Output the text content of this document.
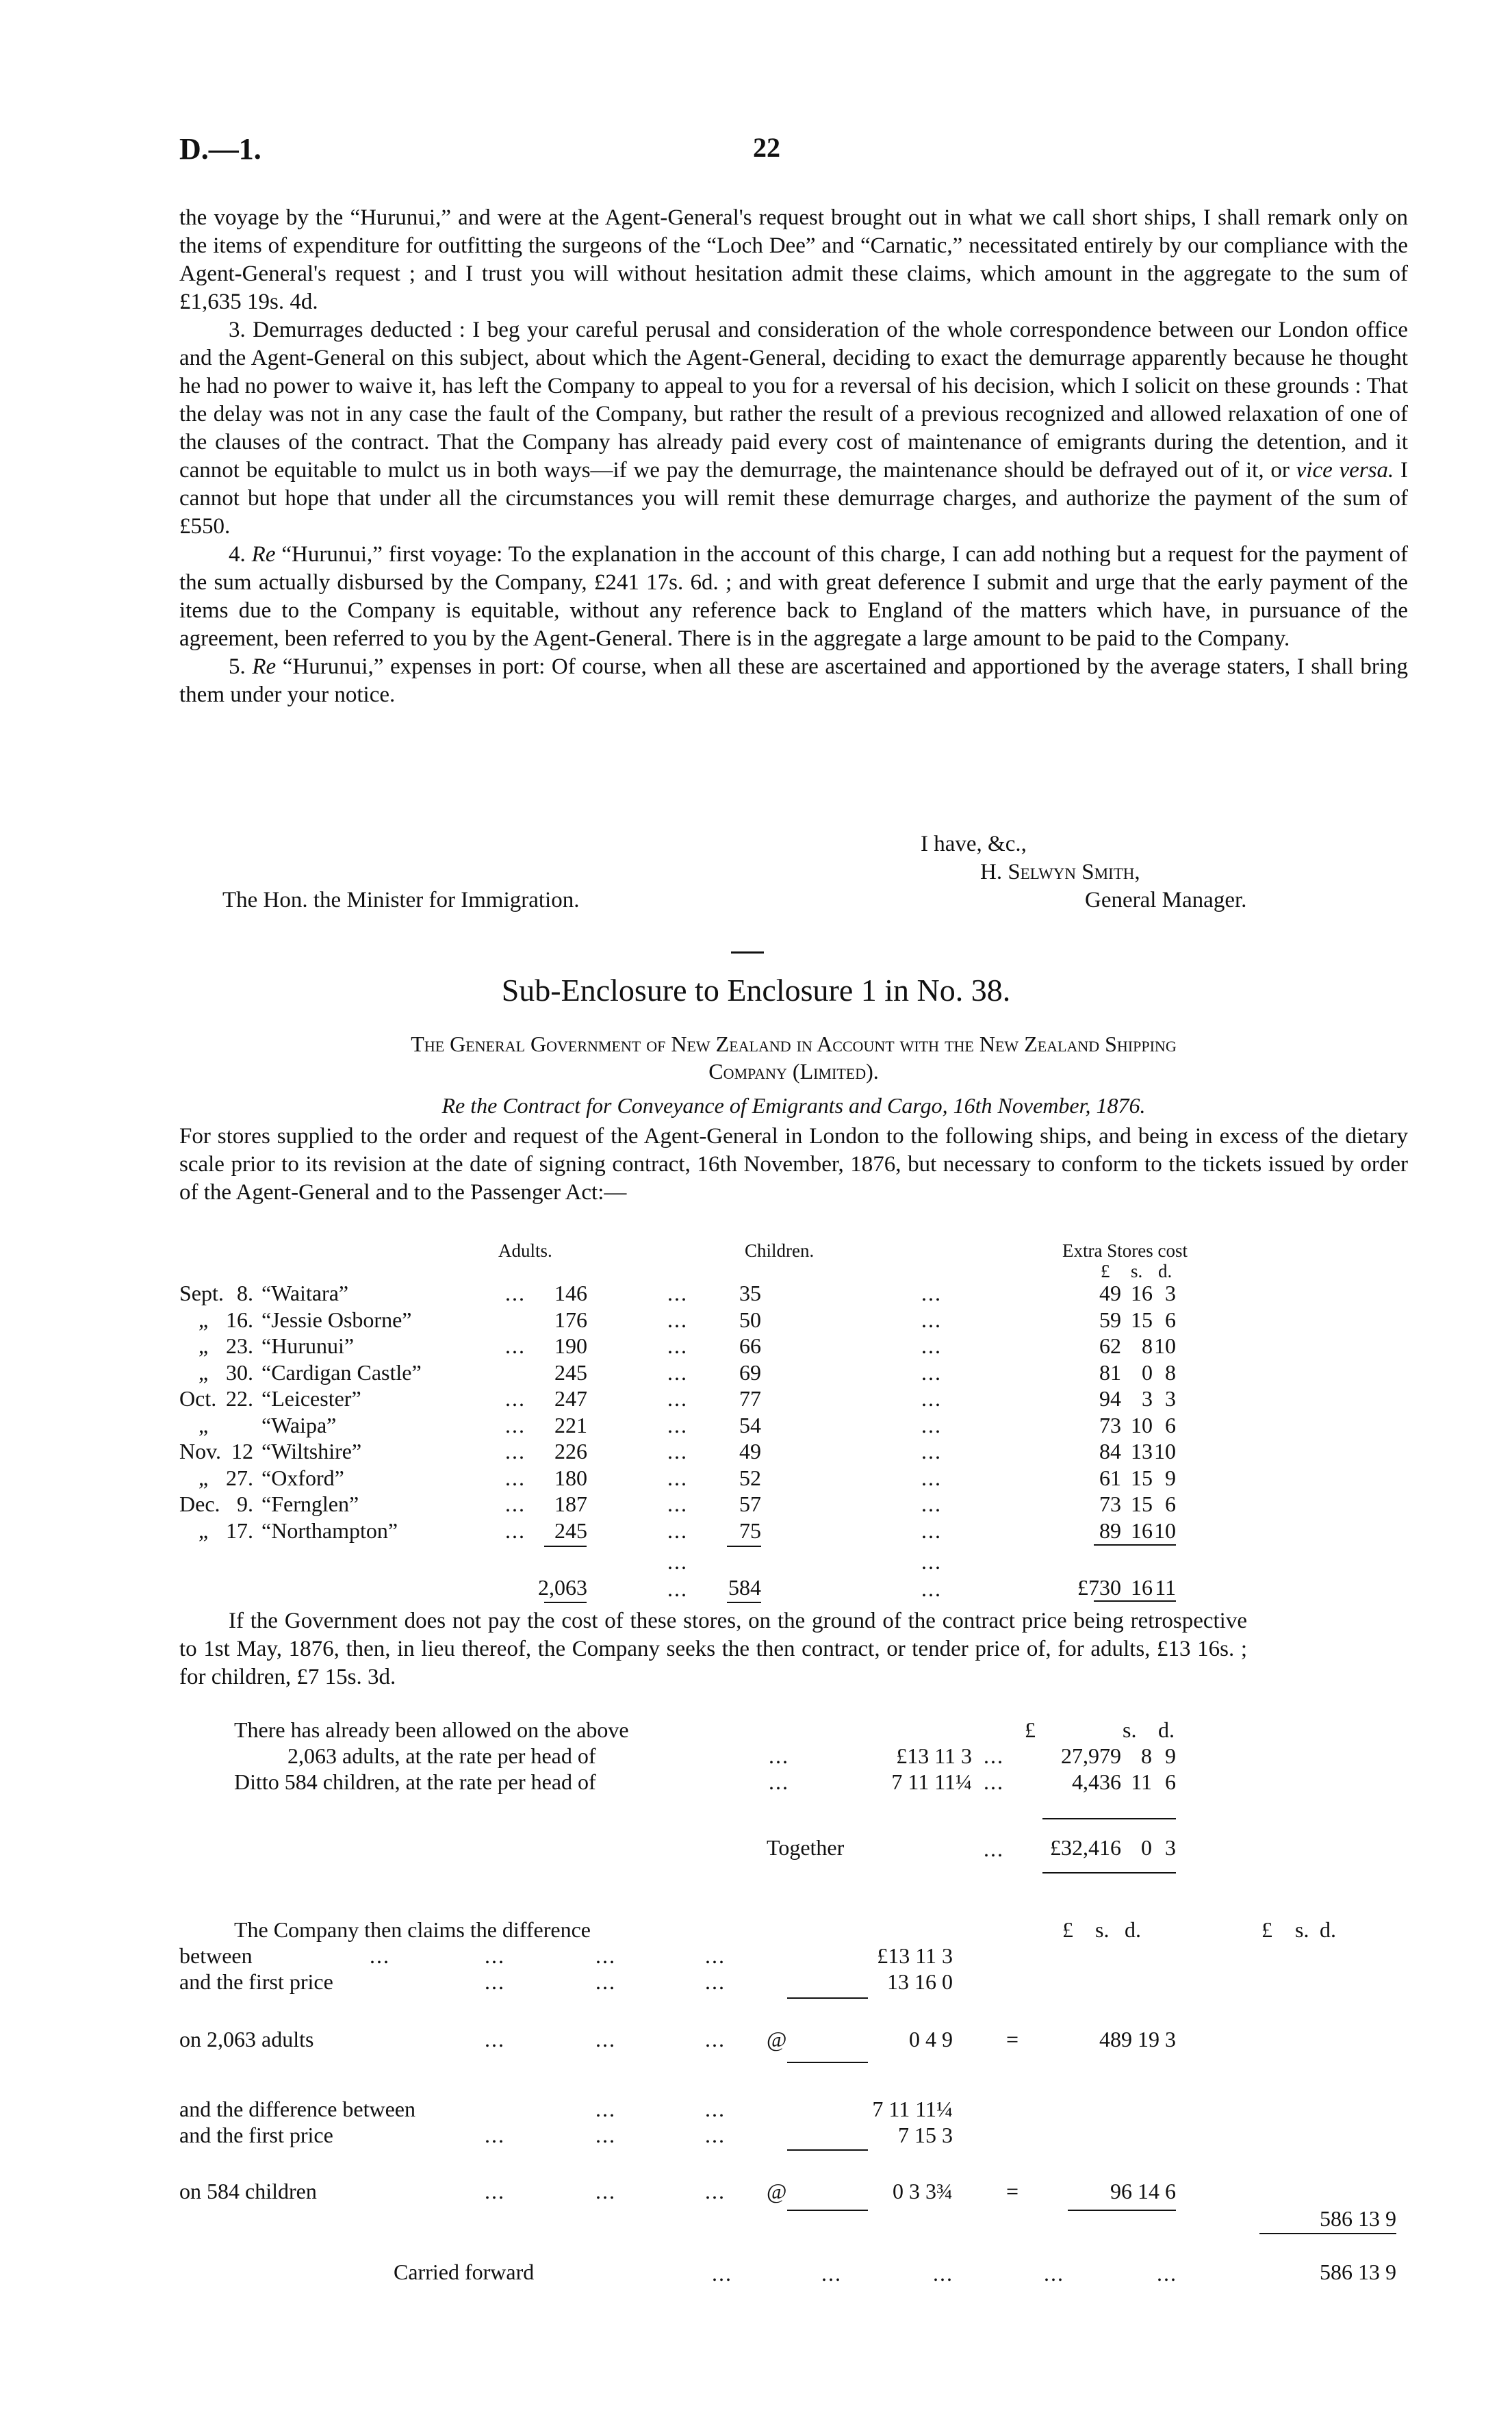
D.—1.	22

the voyage by the “Hurunui,” and were at the Agent-General's request brought out in what we call short ships, I shall remark only on the items of expenditure for outfitting the surgeons of the “Loch Dee” and “Carnatic,” necessitated entirely by our compliance with the Agent-General's request ; and I trust you will without hesitation admit these claims, which amount in the aggregate to the sum of £1,635 19s. 4d.

3. Demurrages deducted : I beg your careful perusal and consideration of the whole correspondence between our London office and the Agent-General on this subject, about which the Agent-General, deciding to exact the demurrage apparently because he thought he had no power to waive it, has left the Company to appeal to you for a reversal of his decision, which I solicit on these grounds : That the delay was not in any case the fault of the Company, but rather the result of a previous recognized and allowed relaxation of one of the clauses of the contract. That the Company has already paid every cost of maintenance of emigrants during the detention, and it cannot be equitable to mulct us in both ways—if we pay the demurrage, the maintenance should be defrayed out of it, or vice versa. I cannot but hope that under all the circumstances you will remit these demurrage charges, and authorize the payment of the sum of £550.

4. Re “Hurunui,” first voyage: To the explanation in the account of this charge, I can add nothing but a request for the payment of the sum actually disbursed by the Company, £241 17s. 6d. ; and with great deference I submit and urge that the early payment of the items due to the Company is equitable, without any reference back to England of the matters which have, in pursuance of the agreement, been referred to you by the Agent-General. There is in the aggregate a large amount to be paid to the Company.

5. Re “Hurunui,” expenses in port: Of course, when all these are ascertained and apportioned by the average staters, I shall bring them under your notice.

I have, &c.,
H. Selwyn Smith,
The Hon. the Minister for Immigration.	General Manager.
Sub-Enclosure to Enclosure 1 in No. 38.
The General Government of New Zealand in Account with the New Zealand Shipping
Company (Limited).
Re the Contract for Conveyance of Emigrants and Cargo, 16th November, 1876.

For stores supplied to the order and request of the Agent-General in London to the following ships, and being in excess of the dietary scale prior to its revision at the date of signing contract, 16th November, 1876, but necessary to conform to the tickets issued by order of the Agent-General and to the Passenger Act:—

Adults.	Children.	Extra Stores cost
£ s. d.
Sept. 8. “Waitara”	...	146	...	35	...	49 16 3
„ 16. “Jessie Osborne”	176	...	50	...	59 15 6
„ 23. “Hurunui”	...	190	...	66	...	62 8 10
„ 30. “Cardigan Castle”	245	...	69	...	81 0 8
Oct. 22. “Leicester”	...	247	...	77	...	94 3 3
„ “Waipa”	...	221	...	54	...	73 10 6
Nov. 12 “Wiltshire”	...	226	...	49	...	84 13 10
„ 27. “Oxford”	...	180	...	52	...	61 15 9
Dec. 9. “Fernglen”	...	187	...	57	...	73 15 6
„ 17. “Northampton”	...	245	...	75	...	89 16 10
...	...
2,063	...	584	...	£730 16 11

If the Government does not pay the cost of these stores, on the ground of the contract price being retrospective to 1st May, 1876, then, in lieu thereof, the Company seeks the then contract, or tender price of, for adults, £13 16s. ; for children, £7 15s. 3d.

There has already been allowed on the above	£	s. d.
2,063 adults, at the rate per head of	...	£13 11 3 ...	27,979 8 9
Ditto 584 children, at the rate per head of	...	7 11 11¼ ...	4,436 11 6
Together	...	£32,416 0 3
The Company then claims the difference	£ s. d.	£ s. d.
between	...	...	...	...	£13 11 3
and the first price	...	...	...	13 16 0
on 2,063 adults	...	...	... @	0 4 9 =	489 19 3
and the difference between	...	...	7 11 11¼
and the first price	...	...	...	7 15 3
on 584 children	...	...	... @	0 3 3¾ =	96 14 6
586 13 9
Carried forward	...	...	...	...	...	586 13 9
